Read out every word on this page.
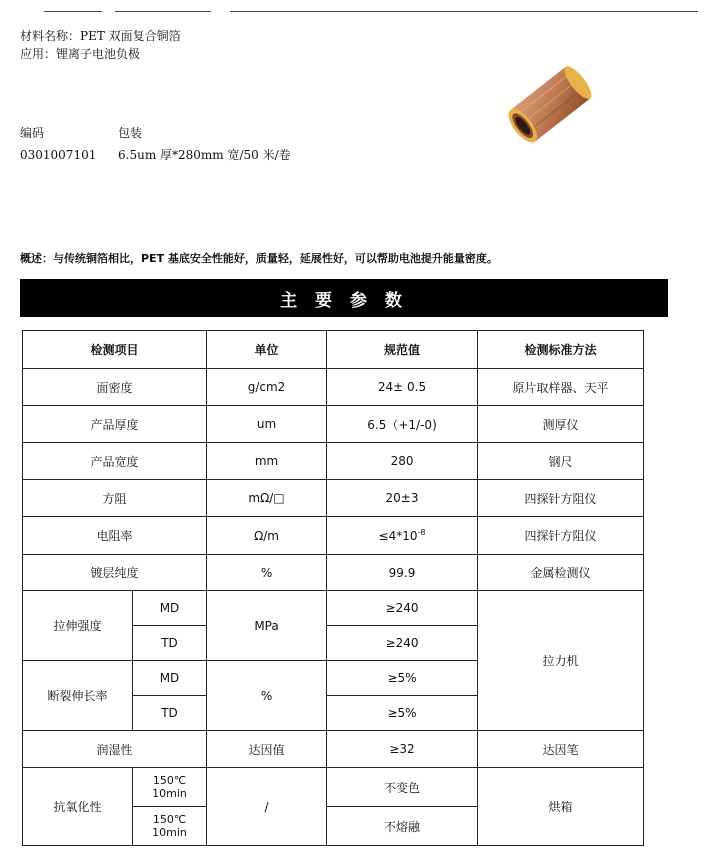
材料名称：PET 双面复合铜箔
应用：锂离子电池负极
编码	包装
0301007101 6.5um 厚*280mm 宽/50 米/卷
概述：与传统铜箔相比，PET 基底安全性能好，质量轻，延展性好，可以帮助电池提升能量密度。
主 要 参 数
检测项目		单位	规范值	检测标准方法
面密度		g/cm2	24± 0.5	原片取样器、天平
产品厚度		um	6.5（+1/-0)	测厚仪
产品宽度		mm	280	钢尺
方阻		mΩ/□	20±3	四探针方阻仪
电阻率		Ω/m	$\le 4*10^{-8}$	四探针方阻仪
镀层纯度		%	99.9	金属检测仪
拉伸强度	MD	MPa	≥240	拉力机
	TD		≥240	
断裂伸长率	MD	%	≥5%	
	TD		≥5%	
润湿性		达因值	≥32	达因笔
抗氧化性	150℃
10min	/	不变色	烘箱
	150℃
10min		不熔融	
